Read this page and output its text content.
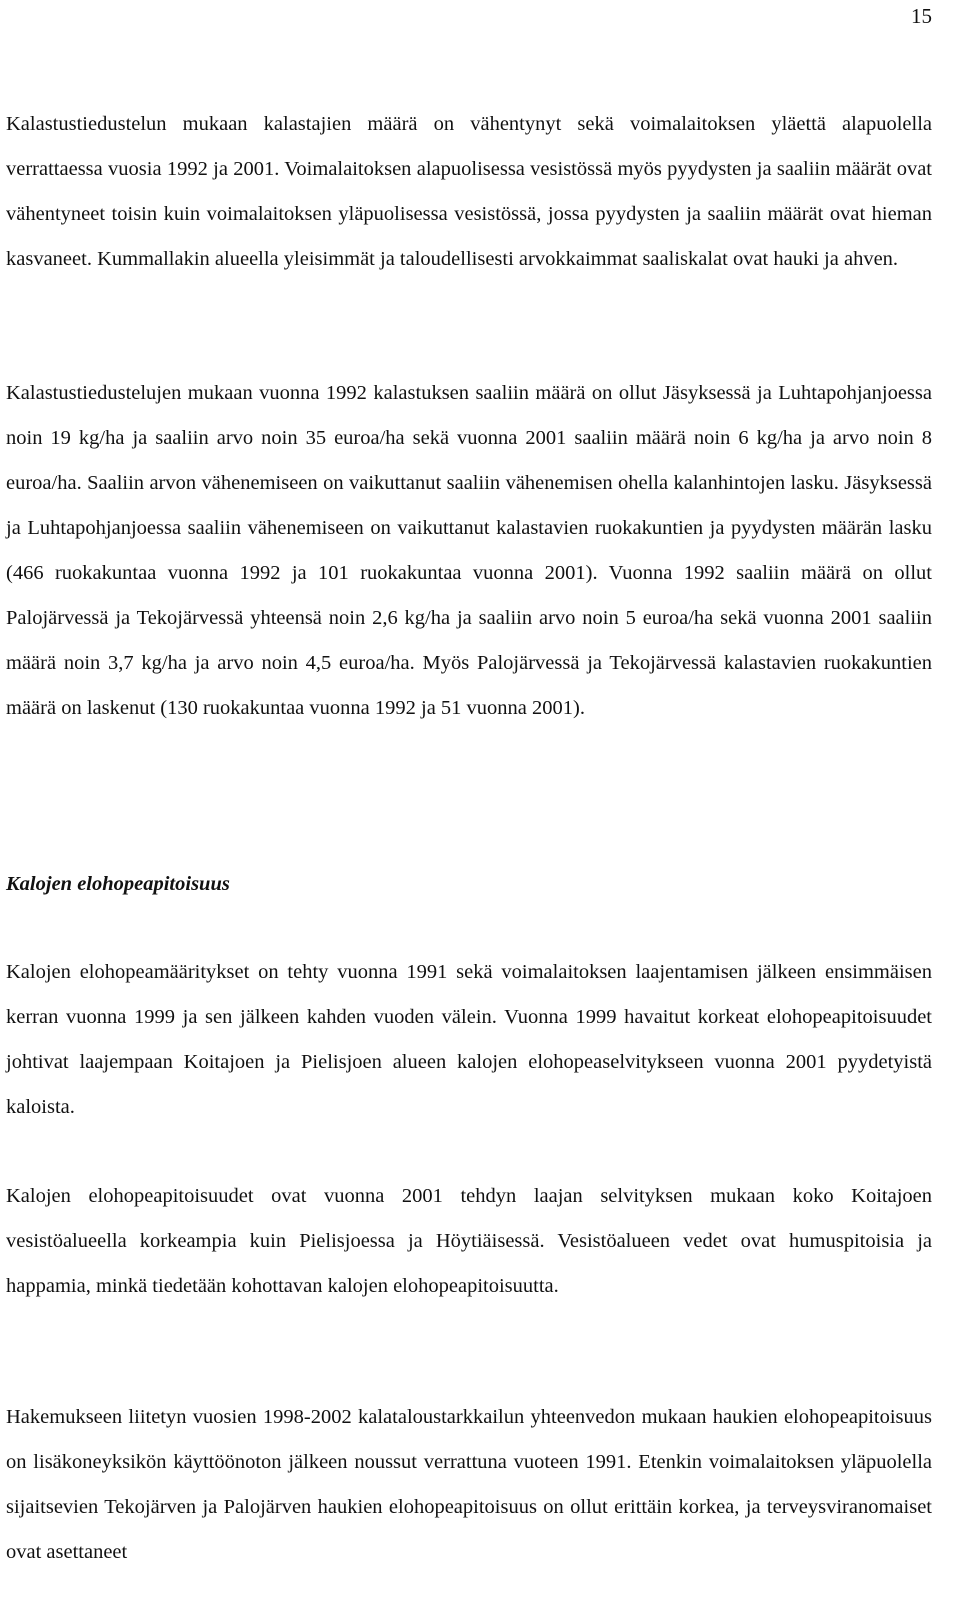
15

Kalastustiedustelun mukaan kalastajien määrä on vähentynyt sekä voimalaitoksen yläettä alapuolella verrattaessa vuosia 1992 ja 2001. Voimalaitoksen alapuolisessa vesistössä myös pyydysten ja saaliin määrät ovat vähentyneet toisin kuin voimalaitoksen yläpuolisessa vesistössä, jossa pyydysten ja saaliin määrät ovat hieman kasvaneet. Kummallakin alueella yleisimmät ja taloudellisesti arvokkaimmat saaliskalat ovat hauki ja ahven.

Kalastustiedustelujen mukaan vuonna 1992 kalastuksen saaliin määrä on ollut Jäsyksessä ja Luhtapohjanjoessa noin 19 kg/ha ja saaliin arvo noin 35 euroa/ha sekä vuonna 2001 saaliin määrä noin 6 kg/ha ja arvo noin 8 euroa/ha. Saaliin arvon vähenemiseen on vaikuttanut saaliin vähenemisen ohella kalanhintojen lasku. Jäsyksessä ja Luhtapohjanjoessa saaliin vähenemiseen on vaikuttanut kalastavien ruokakuntien ja pyydysten määrän lasku (466 ruokakuntaa vuonna 1992 ja 101 ruokakuntaa vuonna 2001). Vuonna 1992 saaliin määrä on ollut Palojärvessä ja Tekojärvessä yhteensä noin 2,6 kg/ha ja saaliin arvo noin 5 euroa/ha sekä vuonna 2001 saaliin määrä noin 3,7 kg/ha ja arvo noin 4,5 euroa/ha. Myös Palojärvessä ja Tekojärvessä kalastavien ruokakuntien määrä on laskenut (130 ruokakuntaa vuonna 1992 ja 51 vuonna 2001).

Kalojen elohopeapitoisuus

Kalojen elohopeamääritykset on tehty vuonna 1991 sekä voimalaitoksen laajentamisen jälkeen ensimmäisen kerran vuonna 1999 ja sen jälkeen kahden vuoden välein. Vuonna 1999 havaitut korkeat elohopeapitoisuudet johtivat laajempaan Koitajoen ja Pielisjoen alueen kalojen elohopeaselvitykseen vuonna 2001 pyydetyistä kaloista.

Kalojen elohopeapitoisuudet ovat vuonna 2001 tehdyn laajan selvityksen mukaan koko Koitajoen vesistöalueella korkeampia kuin Pielisjoessa ja Höytiäisessä. Vesistöalueen vedet ovat humuspitoisia ja happamia, minkä tiedetään kohottavan kalojen elohopeapitoisuutta.

Hakemukseen liitetyn vuosien 1998-2002 kalataloustarkkailun yhteenvedon mukaan haukien elohopeapitoisuus on lisäkoneyksikön käyttöönoton jälkeen noussut verrattuna vuoteen 1991. Etenkin voimalaitoksen yläpuolella sijaitsevien Tekojärven ja Palojärven haukien elohopeapitoisuus on ollut erittäin korkea, ja terveysviranomaiset ovat asettaneet
